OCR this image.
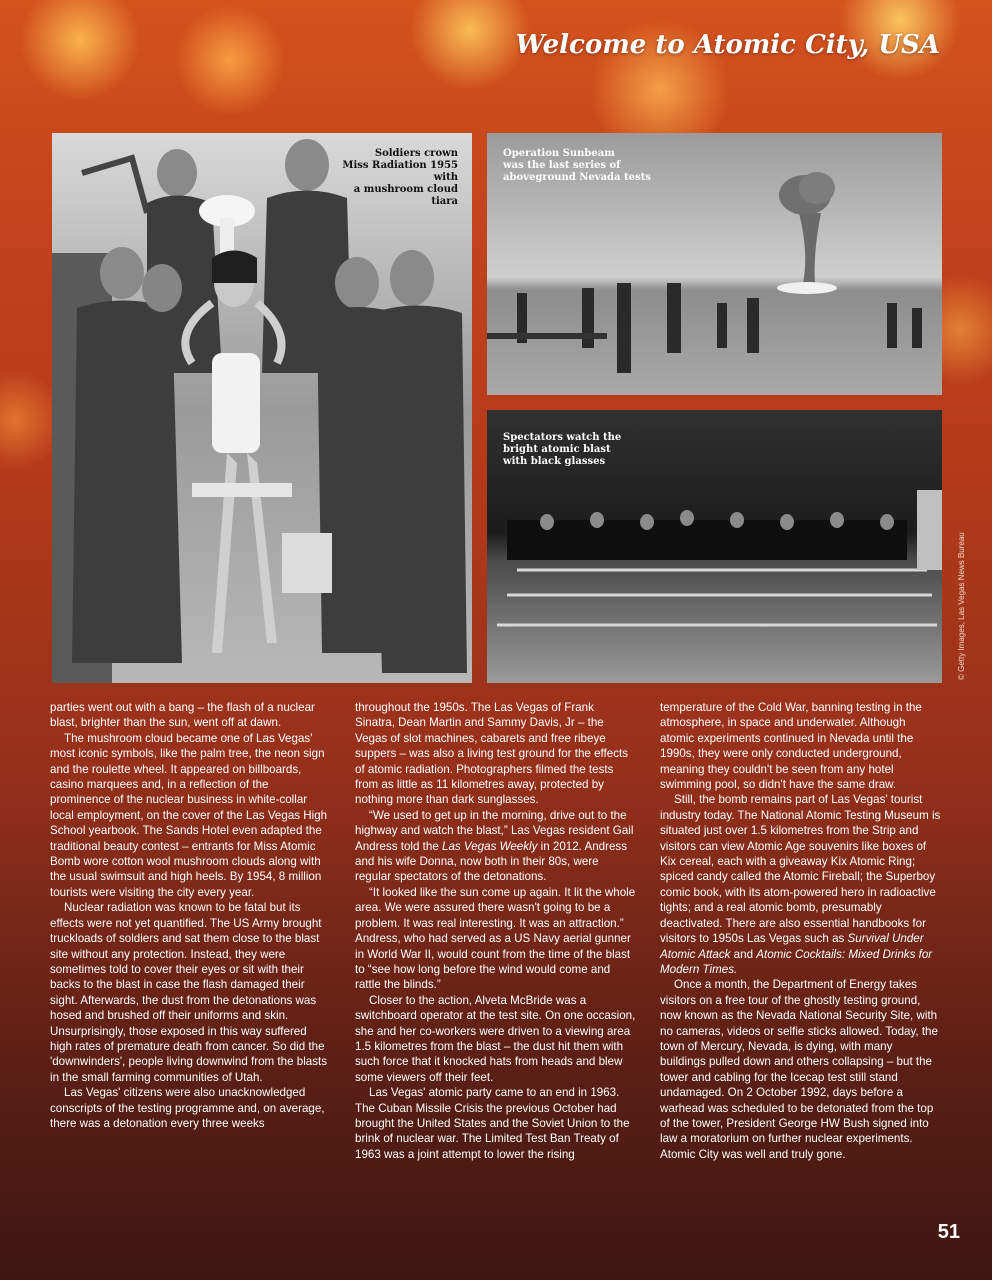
Welcome to Atomic City, USA
Soldiers crown
Miss Radiation 1955 with
a mushroom cloud tiara
Operation Sunbeam
was the last series of
aboveground Nevada tests
Spectators watch the
bright atomic blast
with black glasses
© Getty Images, Las Vegas News Bureau

parties went out with a bang – the flash of a nuclear blast, brighter than the sun, went off at dawn.

The mushroom cloud became one of Las Vegas' most iconic symbols, like the palm tree, the neon sign and the roulette wheel. It appeared on billboards, casino marquees and, in a reflection of the prominence of the nuclear business in white-collar local employment, on the cover of the Las Vegas High School yearbook. The Sands Hotel even adapted the traditional beauty contest – entrants for Miss Atomic Bomb wore cotton wool mushroom clouds along with the usual swimsuit and high heels. By 1954, 8 million tourists were visiting the city every year.

Nuclear radiation was known to be fatal but its effects were not yet quantified. The US Army brought truckloads of soldiers and sat them close to the blast site without any protection. Instead, they were sometimes told to cover their eyes or sit with their backs to the blast in case the flash damaged their sight. Afterwards, the dust from the detonations was hosed and brushed off their uniforms and skin. Unsurprisingly, those exposed in this way suffered high rates of premature death from cancer. So did the 'downwinders', people living downwind from the blasts in the small farming communities of Utah.

Las Vegas' citizens were also unacknowledged conscripts of the testing programme and, on average, there was a detonation every three weeks

throughout the 1950s. The Las Vegas of Frank Sinatra, Dean Martin and Sammy Davis, Jr – the Vegas of slot machines, cabarets and free ribeye suppers – was also a living test ground for the effects of atomic radiation. Photographers filmed the tests from as little as 11 kilometres away, protected by nothing more than dark sunglasses.

“We used to get up in the morning, drive out to the highway and watch the blast,” Las Vegas resident Gail Andress told the Las Vegas Weekly in 2012. Andress and his wife Donna, now both in their 80s, were regular spectators of the detonations.

“It looked like the sun come up again. It lit the whole area. We were assured there wasn't going to be a problem. It was real interesting. It was an attraction.” Andress, who had served as a US Navy aerial gunner in World War II, would count from the time of the blast to “see how long before the wind would come and rattle the blinds.”

Closer to the action, Alveta McBride was a switchboard operator at the test site. On one occasion, she and her co-workers were driven to a viewing area 1.5 kilometres from the blast – the dust hit them with such force that it knocked hats from heads and blew some viewers off their feet.

Las Vegas' atomic party came to an end in 1963. The Cuban Missile Crisis the previous October had brought the United States and the Soviet Union to the brink of nuclear war. The Limited Test Ban Treaty of 1963 was a joint attempt to lower the rising

temperature of the Cold War, banning testing in the atmosphere, in space and underwater. Although atomic experiments continued in Nevada until the 1990s, they were only conducted underground, meaning they couldn't be seen from any hotel swimming pool, so didn't have the same draw.

Still, the bomb remains part of Las Vegas' tourist industry today. The National Atomic Testing Museum is situated just over 1.5 kilometres from the Strip and visitors can view Atomic Age souvenirs like boxes of Kix cereal, each with a giveaway Kix Atomic Ring; spiced candy called the Atomic Fireball; the Superboy comic book, with its atom-powered hero in radioactive tights; and a real atomic bomb, presumably deactivated. There are also essential handbooks for visitors to 1950s Las Vegas such as Survival Under Atomic Attack and Atomic Cocktails: Mixed Drinks for Modern Times.

Once a month, the Department of Energy takes visitors on a free tour of the ghostly testing ground, now known as the Nevada National Security Site, with no cameras, videos or selfie sticks allowed. Today, the town of Mercury, Nevada, is dying, with many buildings pulled down and others collapsing – but the tower and cabling for the Icecap test still stand undamaged. On 2 October 1992, days before a warhead was scheduled to be detonated from the top of the tower, President George HW Bush signed into law a moratorium on further nuclear experiments. Atomic City was well and truly gone.

51
